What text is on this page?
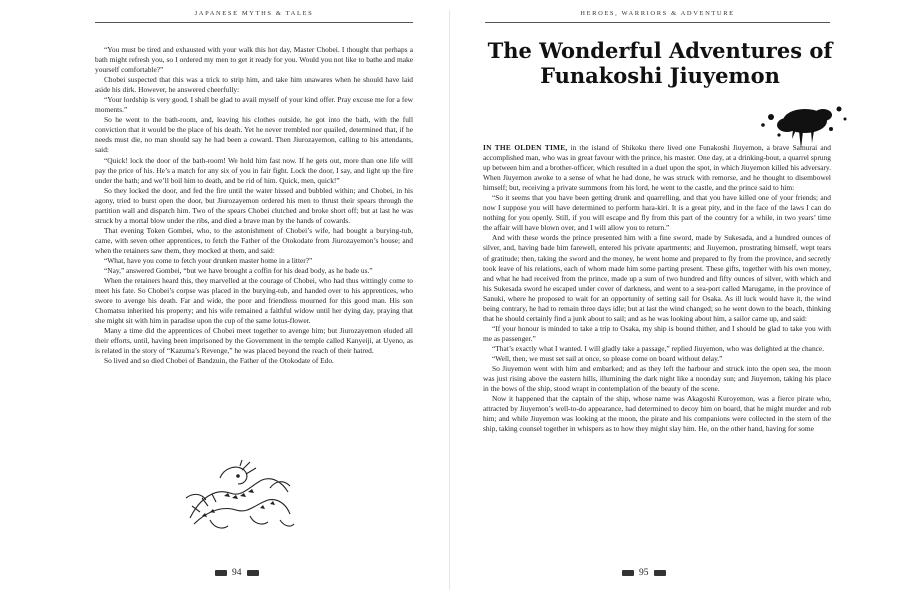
JAPANESE MYTHS & TALES

“You must be tired and exhausted with your walk this hot day, Master Chobei. I thought that perhaps a bath might refresh you, so I ordered my men to get it ready for you. Would you not like to bathe and make yourself comfortable?”

Chobei suspected that this was a trick to strip him, and take him unawares when he should have laid aside his dirk. However, he answered cheerfully:

“Your lordship is very good. I shall be glad to avail myself of your kind offer. Pray excuse me for a few moments.”

So he went to the bath-room, and, leaving his clothes outside, he got into the bath, with the full conviction that it would be the place of his death. Yet he never trembled nor quailed, determined that, if he needs must die, no man should say he had been a coward. Then Jiurozayemon, calling to his attendants, said:

“Quick! lock the door of the bath-room! We hold him fast now. If he gets out, more than one life will pay the price of his. He’s a match for any six of you in fair fight. Lock the door, I say, and light up the fire under the bath; and we’ll boil him to death, and be rid of him. Quick, men, quick!”

So they locked the door, and fed the fire until the water hissed and bubbled within; and Chobei, in his agony, tried to burst open the door, but Jiurozayemon ordered his men to thrust their spears through the partition wall and dispatch him. Two of the spears Chobei clutched and broke short off; but at last he was struck by a mortal blow under the ribs, and died a brave man by the hands of cowards.

That evening Token Gombei, who, to the astonishment of Chobei’s wife, had bought a burying-tub, came, with seven other apprentices, to fetch the Father of the Otokodate from Jiurozayemon’s house; and when the retainers saw them, they mocked at them, and said:

“What, have you come to fetch your drunken master home in a litter?”

“Nay,” answered Gombei, “but we have brought a coffin for his dead body, as he bade us.”

When the retainers heard this, they marvelled at the courage of Chobei, who had thus wittingly come to meet his fate. So Chobei’s corpse was placed in the burying-tub, and handed over to his apprentices, who swore to avenge his death. Far and wide, the poor and friendless mourned for this good man. His son Chomatsu inherited his property; and his wife remained a faithful widow until her dying day, praying that she might sit with him in paradise upon the cup of the same lotus-flower.

Many a time did the apprentices of Chobei meet together to avenge him; but Jiurozayemon eluded all their efforts, until, having been imprisoned by the Government in the temple called Kanyeiji, at Uyeno, as is related in the story of “Kazuma’s Revenge,” he was placed beyond the reach of their hatred.

So lived and so died Chobei of Bandzuin, the Father of the Otokodate of Edo.

94
HEROES, WARRIORS & ADVENTURE
The Wonderful Adventures of
Funakoshi Jiuyemon

IN THE OLDEN TIME, in the island of Shikoku there lived one Funakoshi Jiuyemon, a brave Samurai and accomplished man, who was in great favour with the prince, his master. One day, at a drinking-bout, a quarrel sprung up between him and a brother-officer, which resulted in a duel upon the spot, in which Jiuyemon killed his adversary. When Jiuyemon awoke to a sense of what he had done, he was struck with remorse, and he thought to disembowel himself; but, receiving a private summons from his lord, he went to the castle, and the prince said to him:

“So it seems that you have been getting drunk and quarrelling, and that you have killed one of your friends; and now I suppose you will have determined to perform hara-kiri. It is a great pity, and in the face of the laws I can do nothing for you openly. Still, if you will escape and fly from this part of the country for a while, in two years’ time the affair will have blown over, and I will allow you to return.”

And with these words the prince presented him with a fine sword, made by Sukesada, and a hundred ounces of silver, and, having bade him farewell, entered his private apartments; and Jiuyemon, prostrating himself, wept tears of gratitude; then, taking the sword and the money, he went home and prepared to fly from the province, and secretly took leave of his relations, each of whom made him some parting present. These gifts, together with his own money, and what he had received from the prince, made up a sum of two hundred and fifty ounces of silver, with which and his Sukesada sword he escaped under cover of darkness, and went to a sea-port called Marugame, in the province of Sanuki, where he proposed to wait for an opportunity of setting sail for Osaka. As ill luck would have it, the wind being contrary, he had to remain three days idle; but at last the wind changed; so he went down to the beach, thinking that he should certainly find a junk about to sail; and as he was looking about him, a sailor came up, and said:

“If your honour is minded to take a trip to Osaka, my ship is bound thither, and I should be glad to take you with me as passenger.”

“That’s exactly what I wanted. I will gladly take a passage,” replied Jiuyemon, who was delighted at the chance.

“Well, then, we must set sail at once, so please come on board without delay.”

So Jiuyemon went with him and embarked; and as they left the harbour and struck into the open sea, the moon was just rising above the eastern hills, illumining the dark night like a noonday sun; and Jiuyemon, taking his place in the bows of the ship, stood wrapt in contemplation of the beauty of the scene.

Now it happened that the captain of the ship, whose name was Akagoshi Kuroyemon, was a fierce pirate who, attracted by Jiuyemon’s well-to-do appearance, had determined to decoy him on board, that he might murder and rob him; and while Jiuyemon was looking at the moon, the pirate and his companions were collected in the stern of the ship, taking counsel together in whispers as to how they might slay him. He, on the other hand, having for some

95
